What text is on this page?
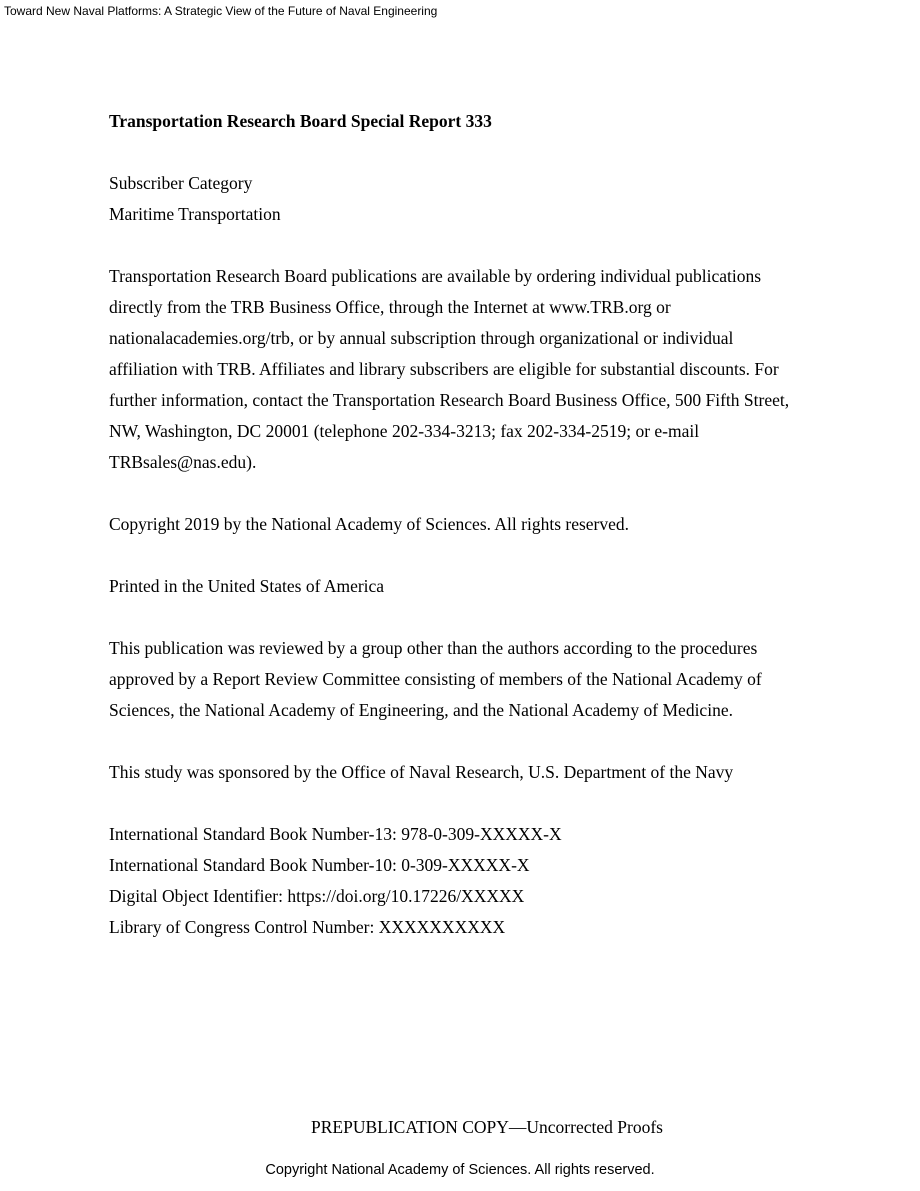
Toward New Naval Platforms: A Strategic View of the Future of Naval Engineering

Transportation Research Board Special Report 333

Subscriber Category
Maritime Transportation

Transportation Research Board publications are available by ordering individual publications
directly from the TRB Business Office, through the Internet at www.TRB.org or
nationalacademies.org/trb, or by annual subscription through organizational or individual
affiliation with TRB. Affiliates and library subscribers are eligible for substantial discounts. For
further information, contact the Transportation Research Board Business Office, 500 Fifth Street,
NW, Washington, DC 20001 (telephone 202-334-3213; fax 202-334-2519; or e-mail
TRBsales@nas.edu).

Copyright 2019 by the National Academy of Sciences. All rights reserved.

Printed in the United States of America

This publication was reviewed by a group other than the authors according to the procedures
approved by a Report Review Committee consisting of members of the National Academy of
Sciences, the National Academy of Engineering, and the National Academy of Medicine.

This study was sponsored by the Office of Naval Research, U.S. Department of the Navy

International Standard Book Number-13: 978-0-309-XXXXX-X
International Standard Book Number-10: 0-309-XXXXX-X
Digital Object Identifier: https://doi.org/10.17226/XXXXX
Library of Congress Control Number: XXXXXXXXXX

PREPUBLICATION COPY—Uncorrected Proofs
Copyright National Academy of Sciences. All rights reserved.
